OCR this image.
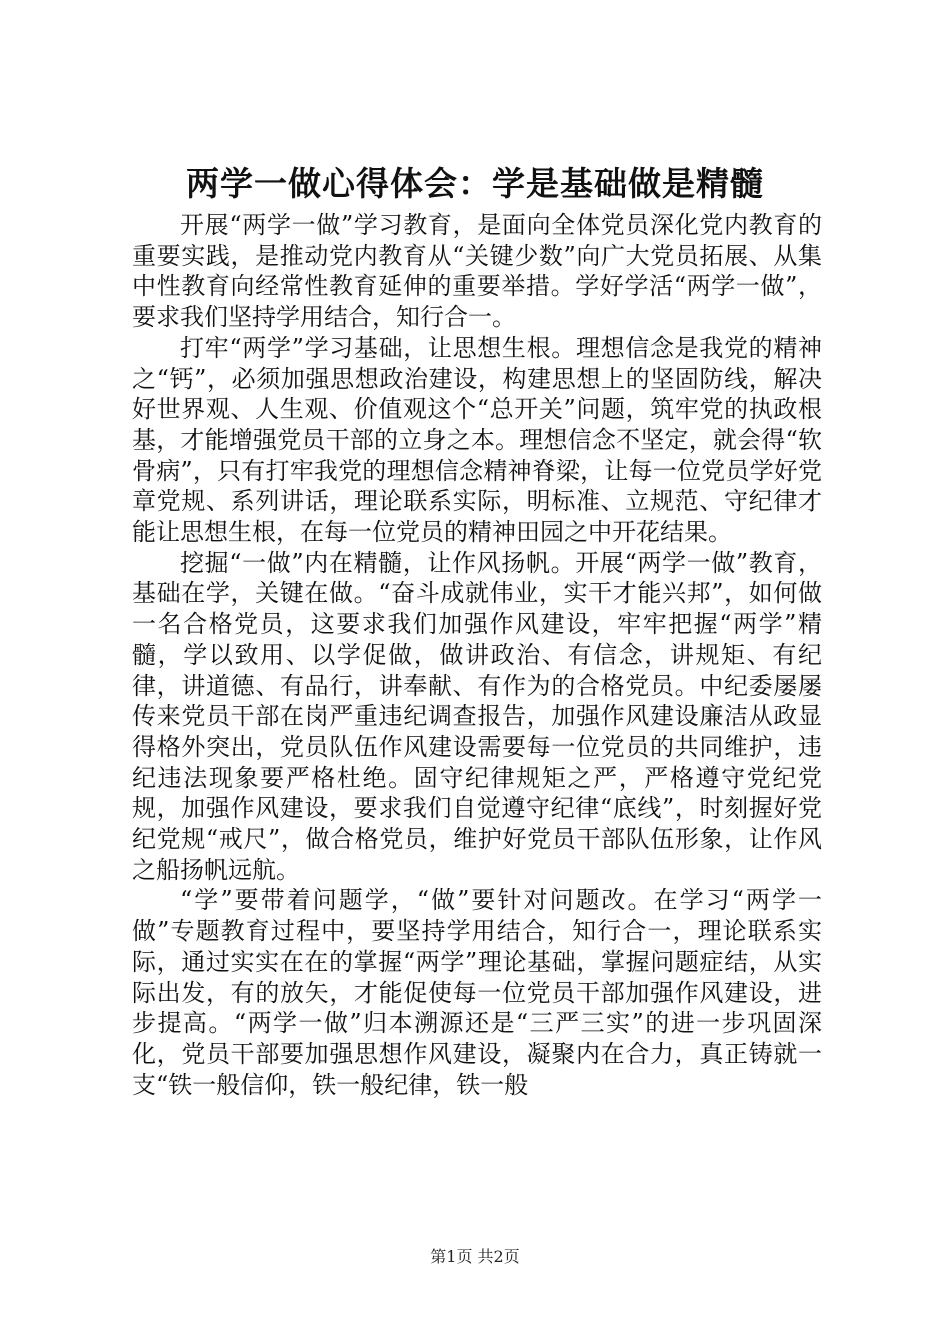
两学一做心得体会：学是基础做是精髓

开展“两学一做”学习教育，是面向全体党员深化党内教育的重要实践，是推动党内教育从“关键少数”向广大党员拓展、从集中性教育向经常性教育延伸的重要举措。学好学活“两学一做”，要求我们坚持学用结合，知行合一。

打牢“两学”学习基础，让思想生根。理想信念是我党的精神之“钙”，必须加强思想政治建设，构建思想上的坚固防线，解决好世界观、人生观、价值观这个“总开关”问题，筑牢党的执政根基，才能增强党员干部的立身之本。理想信念不坚定，就会得“软骨病”，只有打牢我党的理想信念精神脊梁，让每一位党员学好党章党规、系列讲话，理论联系实际，明标准、立规范、守纪律才能让思想生根，在每一位党员的精神田园之中开花结果。

挖掘“一做”内在精髓，让作风扬帆。开展“两学一做”教育，基础在学，关键在做。“奋斗成就伟业，实干才能兴邦”，如何做一名合格党员，这要求我们加强作风建设，牢牢把握“两学”精髓，学以致用、以学促做，做讲政治、有信念，讲规矩、有纪律，讲道德、有品行，讲奉献、有作为的合格党员。中纪委屡屡传来党员干部在岗严重违纪调查报告，加强作风建设廉洁从政显得格外突出，党员队伍作风建设需要每一位党员的共同维护，违纪违法现象要严格杜绝。固守纪律规矩之严，严格遵守党纪党规，加强作风建设，要求我们自觉遵守纪律“底线”，时刻握好党纪党规“戒尺”，做合格党员，维护好党员干部队伍形象，让作风之船扬帆远航。

“学”要带着问题学，“做”要针对问题改。在学习“两学一做”专题教育过程中，要坚持学用结合，知行合一，理论联系实际，通过实实在在的掌握“两学”理论基础，掌握问题症结，从实际出发，有的放矢，才能促使每一位党员干部加强作风建设，进步提高。“两学一做”归本溯源还是“三严三实”的进一步巩固深化，党员干部要加强思想作风建设，凝聚内在合力，真正铸就一支“铁一般信仰，铁一般纪律，铁一般

第1页 共2页
